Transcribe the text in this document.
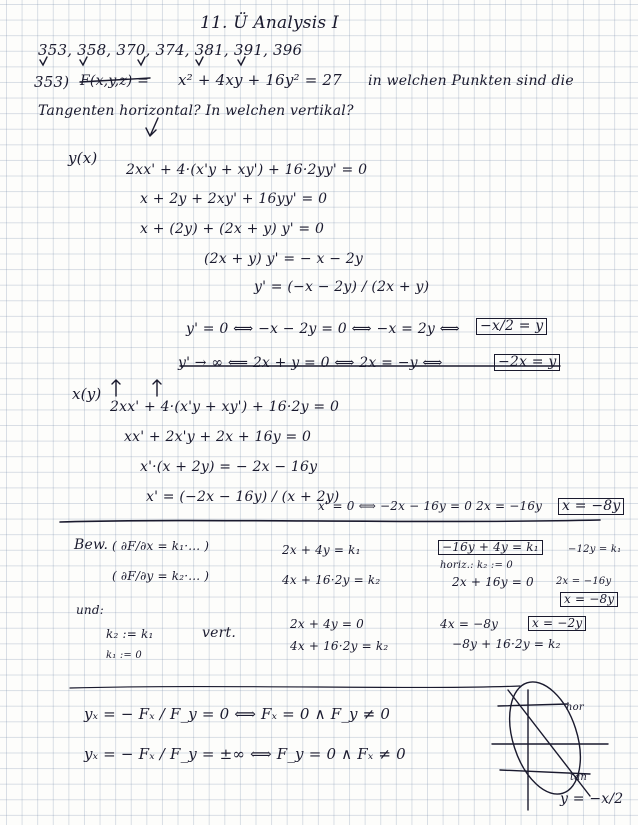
11. Ü Analysis I
353, 358, 370, 374, 381, 391, 396
353) F(x,y,z) = x² + 4xy + 16y² = 27 in welchen Punkten sind die
Tangenten horizontal? In welchen vertikal?
y(x)
2xx' + 4·(x'y + xy') + 16·2yy' = 0
x + 2y + 2xy' + 16yy' = 0
x + (2y) + (2x + y) y' = 0
(2x + y) y' = − x − 2y
y' = (−x − 2y) / (2x + y)
y' = 0 ⟺ −x − 2y = 0 ⟺ −x = 2y ⟺ −x/2 = y
y' → ∞ ⟸ 2x + y = 0 ⟺ 2x = −y ⟺	−2x = y
x(y)
2xx' + 4·(x'y + xy') + 16·2y = 0
xx' + 2x'y + 2x + 16y = 0
x'·(x + 2y) = − 2x − 16y
x' = (−2x − 16y) / (x + 2y)
x' = 0 ⟺ −2x − 16y = 0 2x = −16y x = −8y
Bew. ( ∂F/∂x = k₁·... )
( ∂F/∂y = k₂·... )
2x + 4y = k₁
4x + 16·2y = k₂
−16y + 4y = k₁	−12y = k₁
horiz.: k₂ := 0
2x + 16y = 0 2x = −16y
x = −8y
und:
k₂ := k₁
k₁ := 0
vert.
2x + 4y = 0
4x + 16·2y = k₂
4x = −8y	x = −2y
−8y + 16·2y = k₂
yₓ = − Fₓ / F_y = 0 ⟺ Fₓ = 0 ∧ F_y ≠ 0
yₓ = − Fₓ / F_y = ±∞ ⟺ F_y = 0 ∧ Fₓ ≠ 0
hor
tan
y = −x/2
